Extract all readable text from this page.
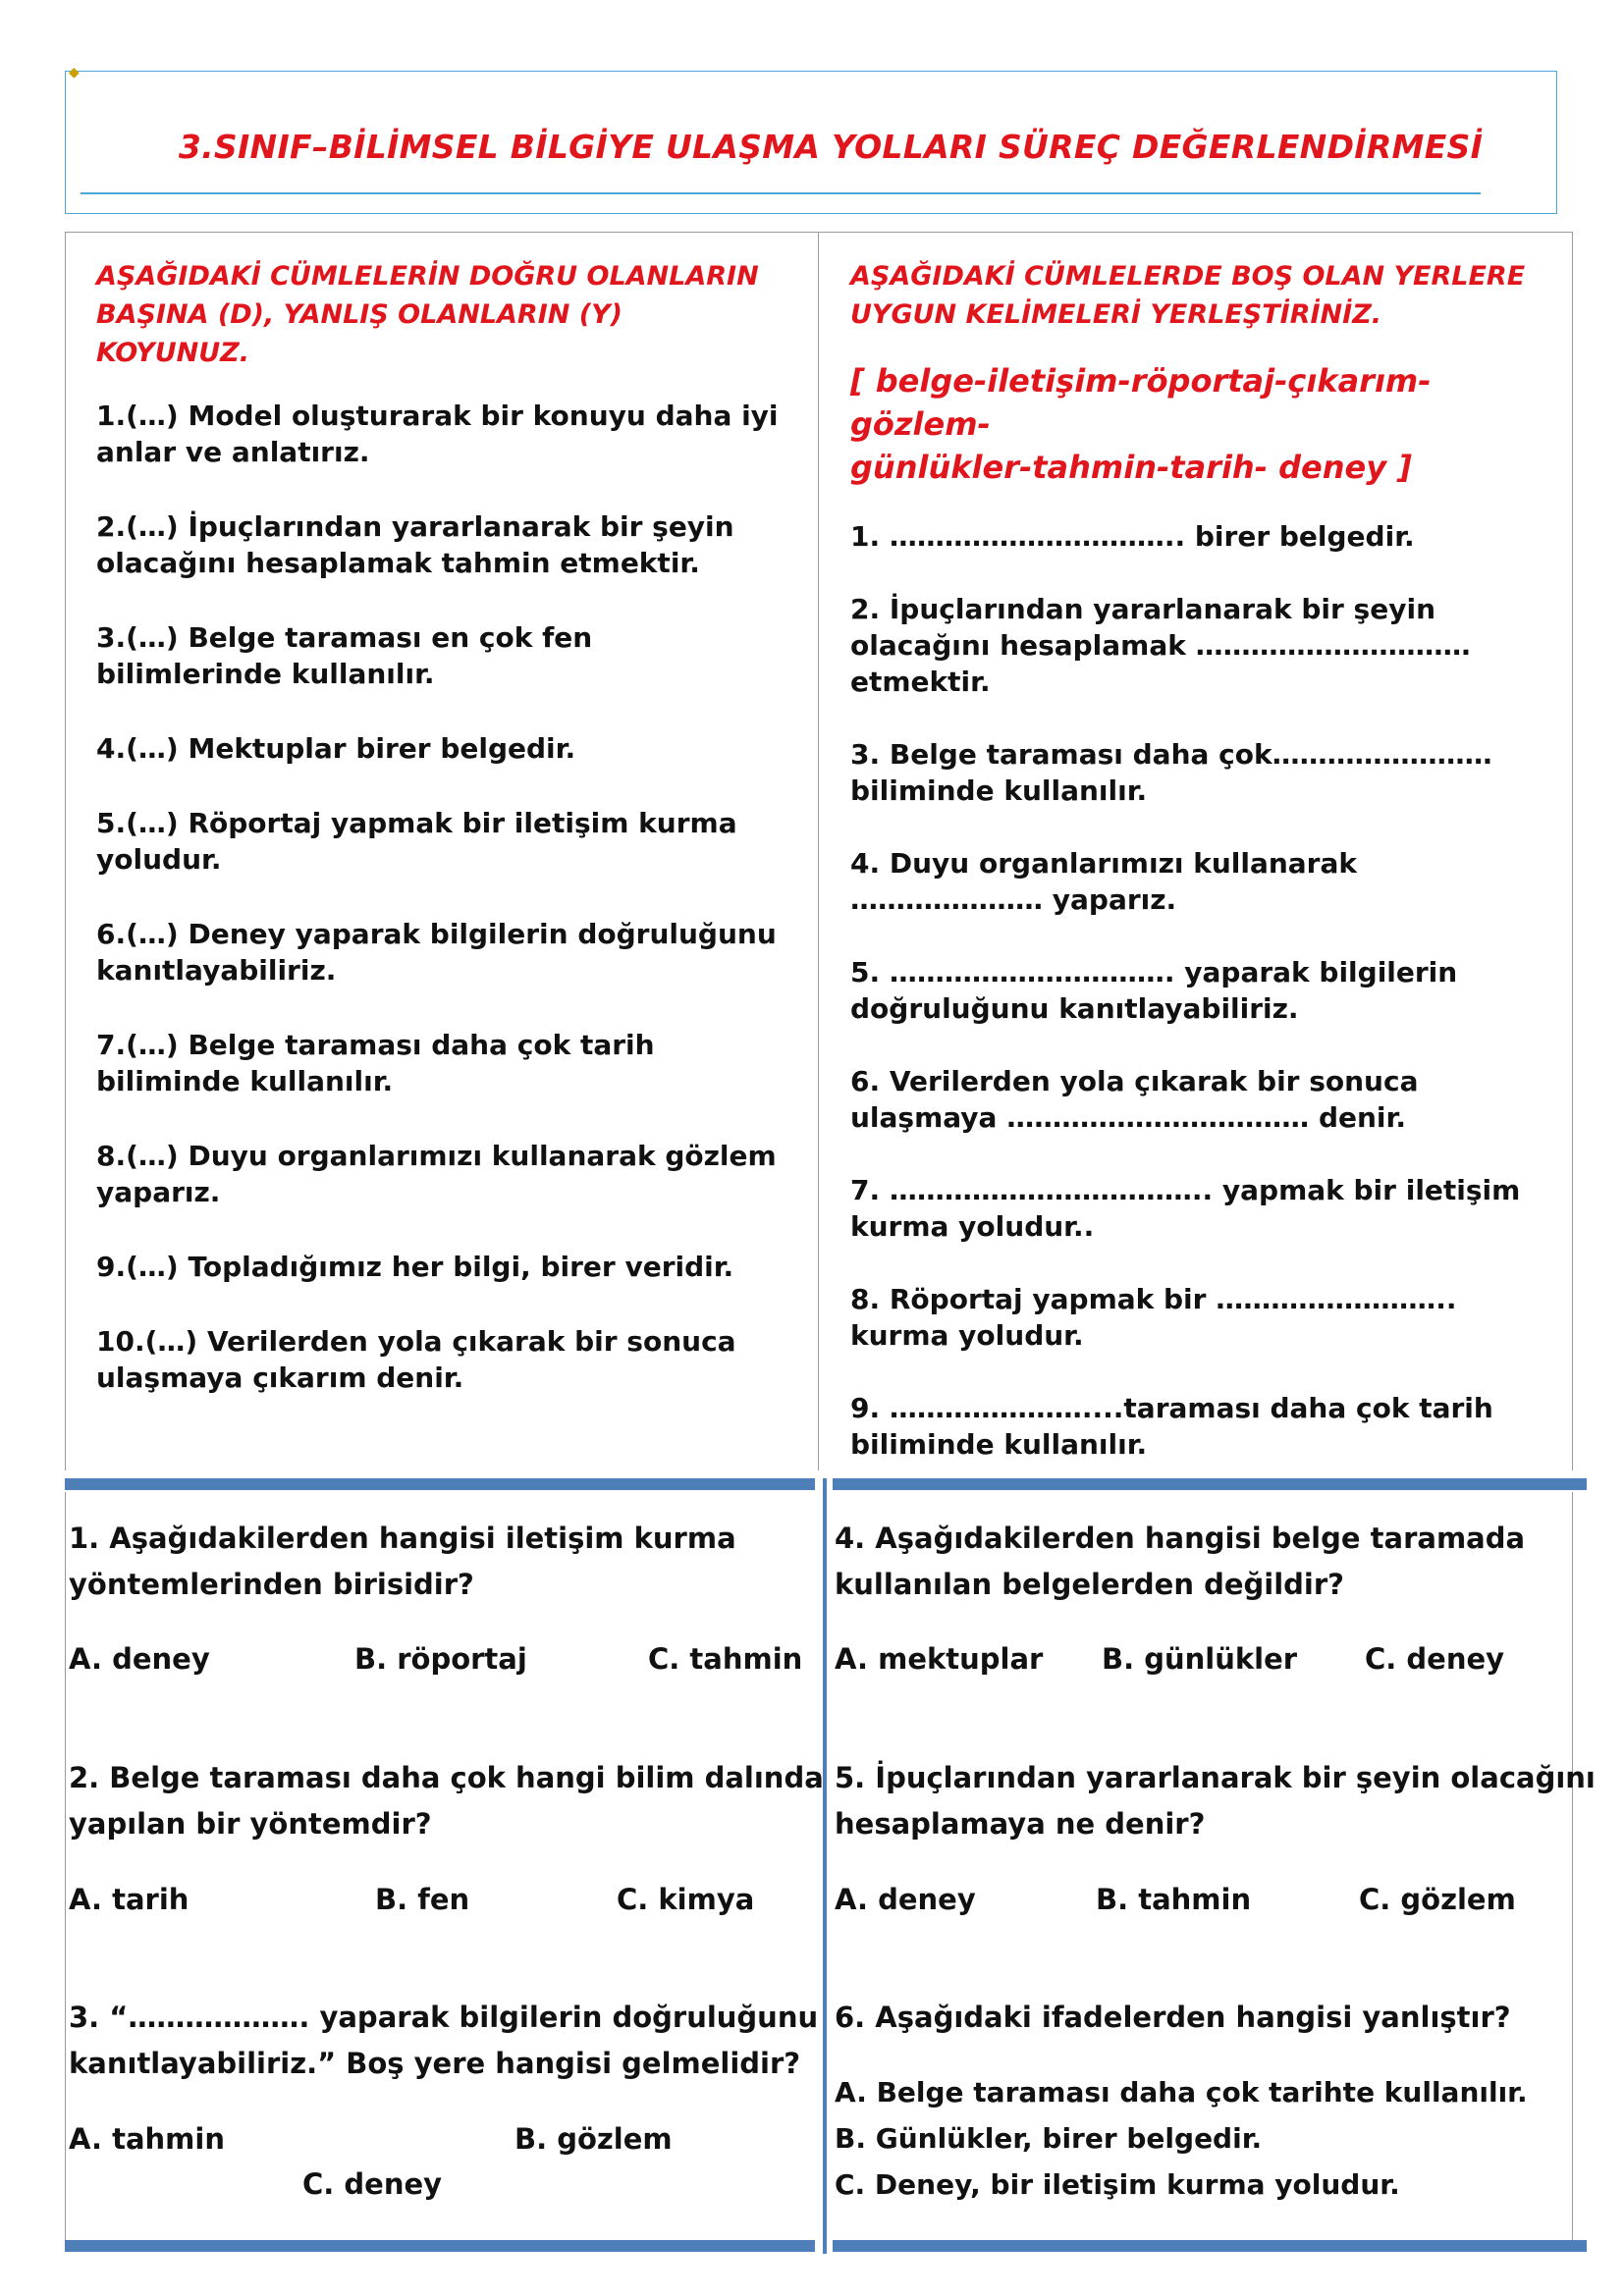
◆
3.SINIF–BİLİMSEL BİLGİYE ULAŞMA YOLLARI SÜREÇ DEĞERLENDİRMESİ

AŞAĞIDAKİ CÜMLELERİN DOĞRU OLANLARIN
BAŞINA (D), YANLIŞ OLANLARIN (Y) KOYUNUZ.

1.(…) Model oluşturarak bir konuyu daha iyi anlar ve anlatırız.

2.(…) İpuçlarından yararlanarak bir şeyin olacağını hesaplamak tahmin etmektir.

3.(…) Belge taraması en çok fen bilimlerinde kullanılır.

4.(…) Mektuplar birer belgedir.

5.(…) Röportaj yapmak bir iletişim kurma yoludur.

6.(…) Deney yaparak bilgilerin doğruluğunu kanıtlayabiliriz.

7.(…) Belge taraması daha çok tarih biliminde kullanılır.

8.(…) Duyu organlarımızı kullanarak gözlem yaparız.

9.(…) Topladığımız her bilgi, birer veridir.

10.(…) Verilerden yola çıkarak bir sonuca ulaşmaya çıkarım denir.

AŞAĞIDAKİ CÜMLELERDE BOŞ OLAN YERLERE
UYGUN KELİMELERİ YERLEŞTİRİNİZ.

[ belge-iletişim-röportaj-çıkarım-gözlem-
günlükler-tahmin-tarih- deney ]

1. ………………………….. birer belgedir.

2. İpuçlarından yararlanarak bir şeyin olacağını hesaplamak ………………………… etmektir.

3. Belge taraması daha çok…………………… biliminde kullanılır.

4. Duyu organlarımızı kullanarak ………………… yaparız.

5. …………………………. yaparak bilgilerin doğruluğunu kanıtlayabiliriz.

6. Verilerden yola çıkarak bir sonuca ulaşmaya …………………………… denir.

7. …………………………….. yapmak bir iletişim kurma yoludur..

8. Röportaj yapmak bir …………………….. kurma yoludur.

9. …………………....taraması daha çok tarih biliminde kullanılır.

1. Aşağıdakilerden hangisi iletişim kurma
yöntemlerinden birisidir?
A. deney	B. röportaj	C. tahmin
2. Belge taraması daha çok hangi bilim dalında
yapılan bir yöntemdir?
A. tarih	B. fen	C. kimya
3. “………………. yaparak bilgilerin doğruluğunu
kanıtlayabiliriz.” Boş yere hangisi gelmelidir?
A. tahmin	B. gözlem
C. deney
4. Aşağıdakilerden hangisi belge taramada
kullanılan belgelerden değildir?
A. mektuplar B. günlükler C. deney
5. İpuçlarından yararlanarak bir şeyin olacağını
hesaplamaya ne denir?
A. deney	B. tahmin	C. gözlem
6. Aşağıdaki ifadelerden hangisi yanlıştır?
A. Belge taraması daha çok tarihte kullanılır.
B. Günlükler, birer belgedir.
C. Deney, bir iletişim kurma yoludur.
